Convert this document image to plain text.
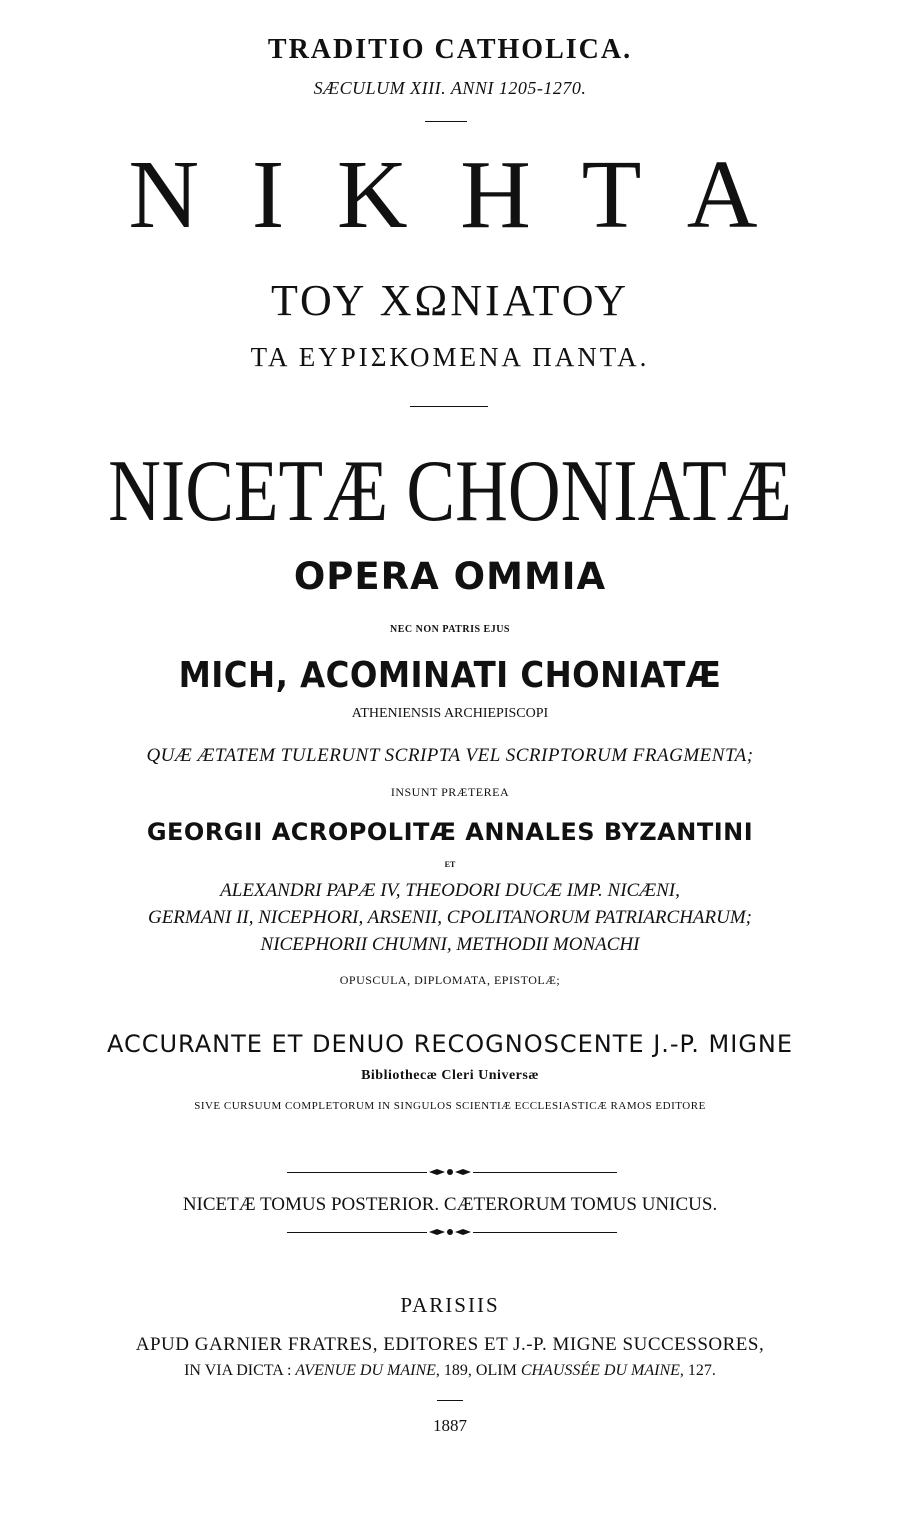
TRADITIO CATHOLICA.
SÆCULUM XIII. ANNI 1205-1270.
N I K H T A
ΤΟΥ ΧΩΝΙΑΤΟΥ
ΤΑ ΕΥΡΙΣΚΟΜΕΝΑ ΠΑΝΤΑ.
NICETÆ CHONIATÆ
OPERA OMMIA
NEC NON PATRIS EJUS
MICH, ACOMINATI CHONIATÆ
ATHENIENSIS ARCHIEPISCOPI
QUÆ ÆTATEM TULERUNT SCRIPTA VEL SCRIPTORUM FRAGMENTA;
INSUNT PRÆTEREA
GEORGII ACROPOLITÆ ANNALES BYZANTINI
ET
ALEXANDRI PAPÆ IV, THEODORI DUCÆ IMP. NICÆNI,
GERMANI II, NICEPHORI, ARSENII, CPOLITANORUM PATRIARCHARUM;
NICEPHORII CHUMNI, METHODII MONACHI
OPUSCULA, DIPLOMATA, EPISTOLÆ;
ACCURANTE ET DENUO RECOGNOSCENTE J.-P. MIGNE
Bibliothecæ Cleri Universæ
SIVE CURSUUM COMPLETORUM IN SINGULOS SCIENTIÆ ECCLESIASTICÆ RAMOS EDITORE
NICETÆ TOMUS POSTERIOR. CÆTERORUM TOMUS UNICUS.
PARISIIS
APUD GARNIER FRATRES, EDITORES ET J.-P. MIGNE SUCCESSORES,
IN VIA DICTA : AVENUE DU MAINE, 189, OLIM CHAUSSÉE DU MAINE, 127.
1887
